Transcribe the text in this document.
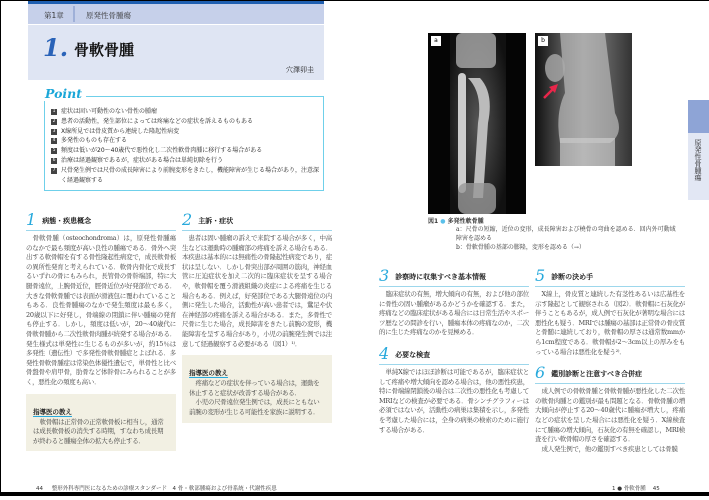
第1章	原発性骨腫瘍
1. 骨軟骨腫
穴澤卯圭
1 症状は固い可動性のない骨性の腫瘤
2 患者の活動性，発生部位によっては疼痛などの症状を訴えるものもある
3 X線所見では骨皮質から連続した隆起性病変
4 多発性のものも存在する
5 頻度は低いが20〜40歳代で悪性化し二次性軟骨肉腫に移行する場合がある
6 治療は経過観察であるが，症状がある場合は単純切除を行う
7 尺骨発生例では尺骨の成長障害により前腕変形をきたし，機能障害が生じる場合があり，注意深く経過観察する
Point
1 病態・疾患概念

骨軟骨腫（osteochondroma）は，原発性骨腫瘍のなかで最も頻度が高い良性の腫瘍である．骨外へ突出する軟骨帽を有する骨性隆起性病変で，成長軟骨板の異所性発育と考えられている．軟骨内骨化で成長するいずれの骨にもみられ，長管骨の骨幹端部，特に大腿骨遠位，上腕骨近位，脛骨近位が好発部位である．大きな骨軟骨腫では表面が滑液包に覆われていることもある．良性骨腫瘍のなかで発生頻度は最も多く，20歳以下に好発し，骨端線の閉鎖に伴い腫瘍の発育も停止する．しかし，頻度は低いが，20〜40歳代に骨軟骨腫から二次性軟骨肉腫が続発する場合がある．発生様式は単発性に生じるものが多いが，約15％は多発性（遺伝性）で多発性骨軟骨腫症とよばれる．多発性骨軟骨腫症は常染色体優性遺伝で，単骨性と比べ骨盤骨や肩甲骨，肋骨など体幹骨にみられることが多く，悪性化の頻度も高い．

指導医の教え

軟骨帽は正常骨の正常軟骨板に相当し，通常は成長軟骨板の消失する時期，すなわち成長期が終わると腫瘍全体の拡大も停止する．

2 主訴・症状

患者は固い腫瘤の訴えで来院する場合が多く，中高生などは運動時の腫瘤部の疼痛を訴える場合もある．本疾患は基本的には無痛性の骨隆起性病変であり，症状は呈しない．しかし骨突出部が周囲の筋肉，神経血管に圧迫症状を加え二次的に臨床症状を呈する場合や，軟骨帽を覆う滑液組織の炎症による疼痛を生じる場合もある．例えば，好発部位である大腿骨遠位の内側に発生した場合，活動性が高い患者では，鵞足や伏在神経部の疼痛を訴える場合がある．また，多骨性で尺骨に生じた場合，成長障害をきたし前腕の変形，機能障害を呈する場合があり，小児の前腕発生例では注意して経過観察する必要がある（図1）¹⁾．

指導医の教え

疼痛などの症状を伴っている場合は，運動を休止すると症状が改善する場合がある．

小児の尺骨遠位発生例では，成長にともない前腕の変形が生じる可能性を家族に説明する．

44 整形外科専門医になるための診療スタンダード　4 骨・軟部腫瘍および骨系統・代謝性疾患
a	b
図1 ● 多発性軟骨腫
a：尺骨の短縮，近位の変形，成長障害および橈骨の弯曲を認める．回内外可動域障害を認める
b：骨軟骨腫の基部の膨隆，変形を認める（→）
3 診察時に収集すべき基本情報

臨床症状の有無，増大傾向の有無，および他の部位に骨性の固い腫瘤があるかどうかを確認する．また，疼痛などの臨床症状がある場合には日常生活やスポーツ歴などの問診を行い，腫瘍本体の疼痛なのか，二次的に生じた疼痛なのかを見極める．

4 必要な検査

単純X線ではほぼ診断は可能であるが，臨床症状として疼痛や増大傾向を認める場合は，他の悪性疾患，特に骨端線閉鎖後の場合は二次性の悪性化も考慮してMRIなどの検査が必要である．骨シンチグラフィーは必須ではないが，活動性の病巣は集積を示し，多発性を考慮した場合には，全身の病巣の検索のために施行する場合がある．

5 診断の決め手

X線上，骨皮質と連続した有茎性あるいは広基性を示す隆起として観察される（図2）．軟骨帽に石灰化が伴うこともあるが，成人例で石灰化が著明な場合には悪性化も疑う．MRIでは腫瘍の基部は正常骨の骨皮質と骨髄に連続しており，軟骨帽の厚さは通常数mmから1cm程度である．軟骨帽が2〜3cm以上の厚みをもっている場合は悪性化を疑う²⁾．

6 鑑別診断と注意すべき合併症

成人例での骨軟骨腫と骨軟骨腫が悪性化した二次性の軟骨肉腫との鑑別が最も問題となる．骨軟骨腫の増大傾向が停止する20〜40歳代に腫瘍が増大し，疼痛などの症状を呈した場合には悪性化を疑う．X線検査にて腫瘍の増大傾向，石灰化の有無を確認し，MRI検査を行い軟骨帽の厚さを確認する．

成人発生例で，他の鑑別すべき疾患としては骨膜

原発性骨腫瘍
1 ● 骨軟骨腫 45
